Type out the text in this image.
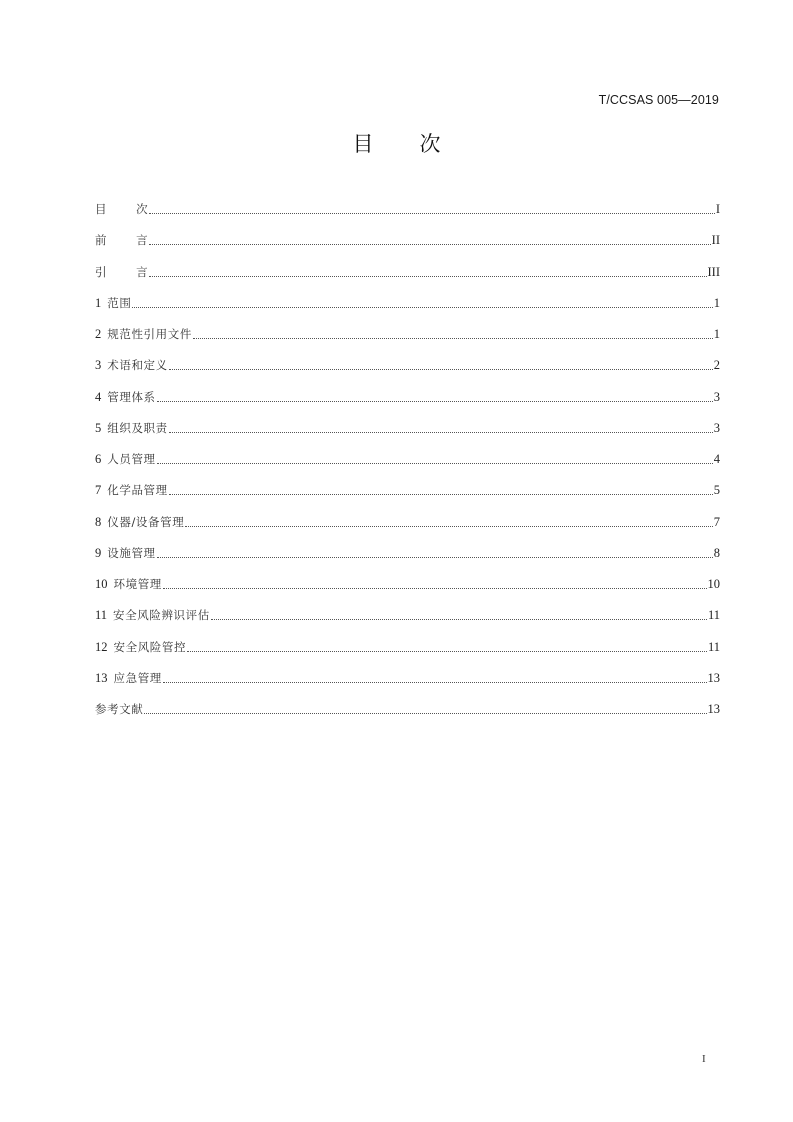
T/CCSAS 005—2019
目 次
目	次	I
前	言	II
引	言	III
1 范围	1
2 规范性引用文件	1
3 术语和定义	2
4 管理体系	3
5 组织及职责	3
6 人员管理	4
7 化学品管理	5
8 仪器/设备管理	7
9 设施管理	8
10 环境管理	10
11 安全风险辨识评估	11
12 安全风险管控	11
13 应急管理	13
参考文献	13
I
